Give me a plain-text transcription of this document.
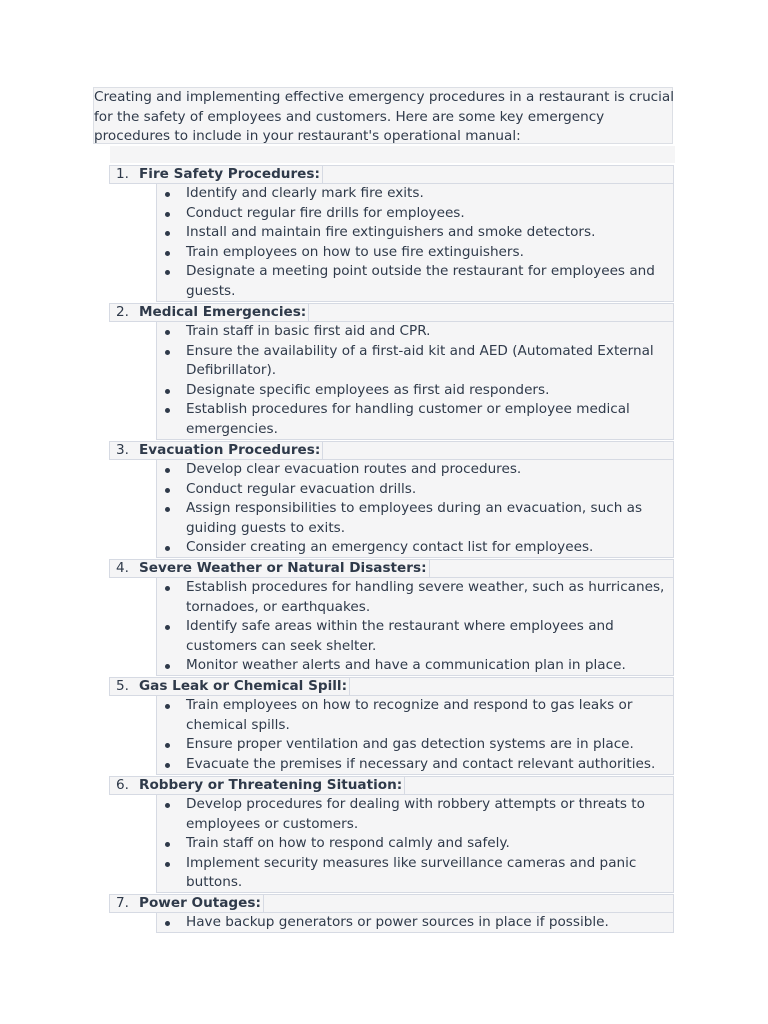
Creating and implementing effective emergency procedures in a restaurant is crucial
for the safety of employees and customers. Here are some key emergency
procedures to include in your restaurant's operational manual:
1. Fire Safety Procedures:
Identify and clearly mark fire exits.
Conduct regular fire drills for employees.
Install and maintain fire extinguishers and smoke detectors.
Train employees on how to use fire extinguishers.
Designate a meeting point outside the restaurant for employees and
guests.
2. Medical Emergencies:
Train staff in basic first aid and CPR.
Ensure the availability of a first-aid kit and AED (Automated External
Defibrillator).
Designate specific employees as first aid responders.
Establish procedures for handling customer or employee medical
emergencies.
3. Evacuation Procedures:
Develop clear evacuation routes and procedures.
Conduct regular evacuation drills.
Assign responsibilities to employees during an evacuation, such as
guiding guests to exits.
Consider creating an emergency contact list for employees.
4. Severe Weather or Natural Disasters:
Establish procedures for handling severe weather, such as hurricanes,
tornadoes, or earthquakes.
Identify safe areas within the restaurant where employees and
customers can seek shelter.
Monitor weather alerts and have a communication plan in place.
5. Gas Leak or Chemical Spill:
Train employees on how to recognize and respond to gas leaks or
chemical spills.
Ensure proper ventilation and gas detection systems are in place.
Evacuate the premises if necessary and contact relevant authorities.
6. Robbery or Threatening Situation:
Develop procedures for dealing with robbery attempts or threats to
employees or customers.
Train staff on how to respond calmly and safely.
Implement security measures like surveillance cameras and panic
buttons.
7. Power Outages:
Have backup generators or power sources in place if possible.
